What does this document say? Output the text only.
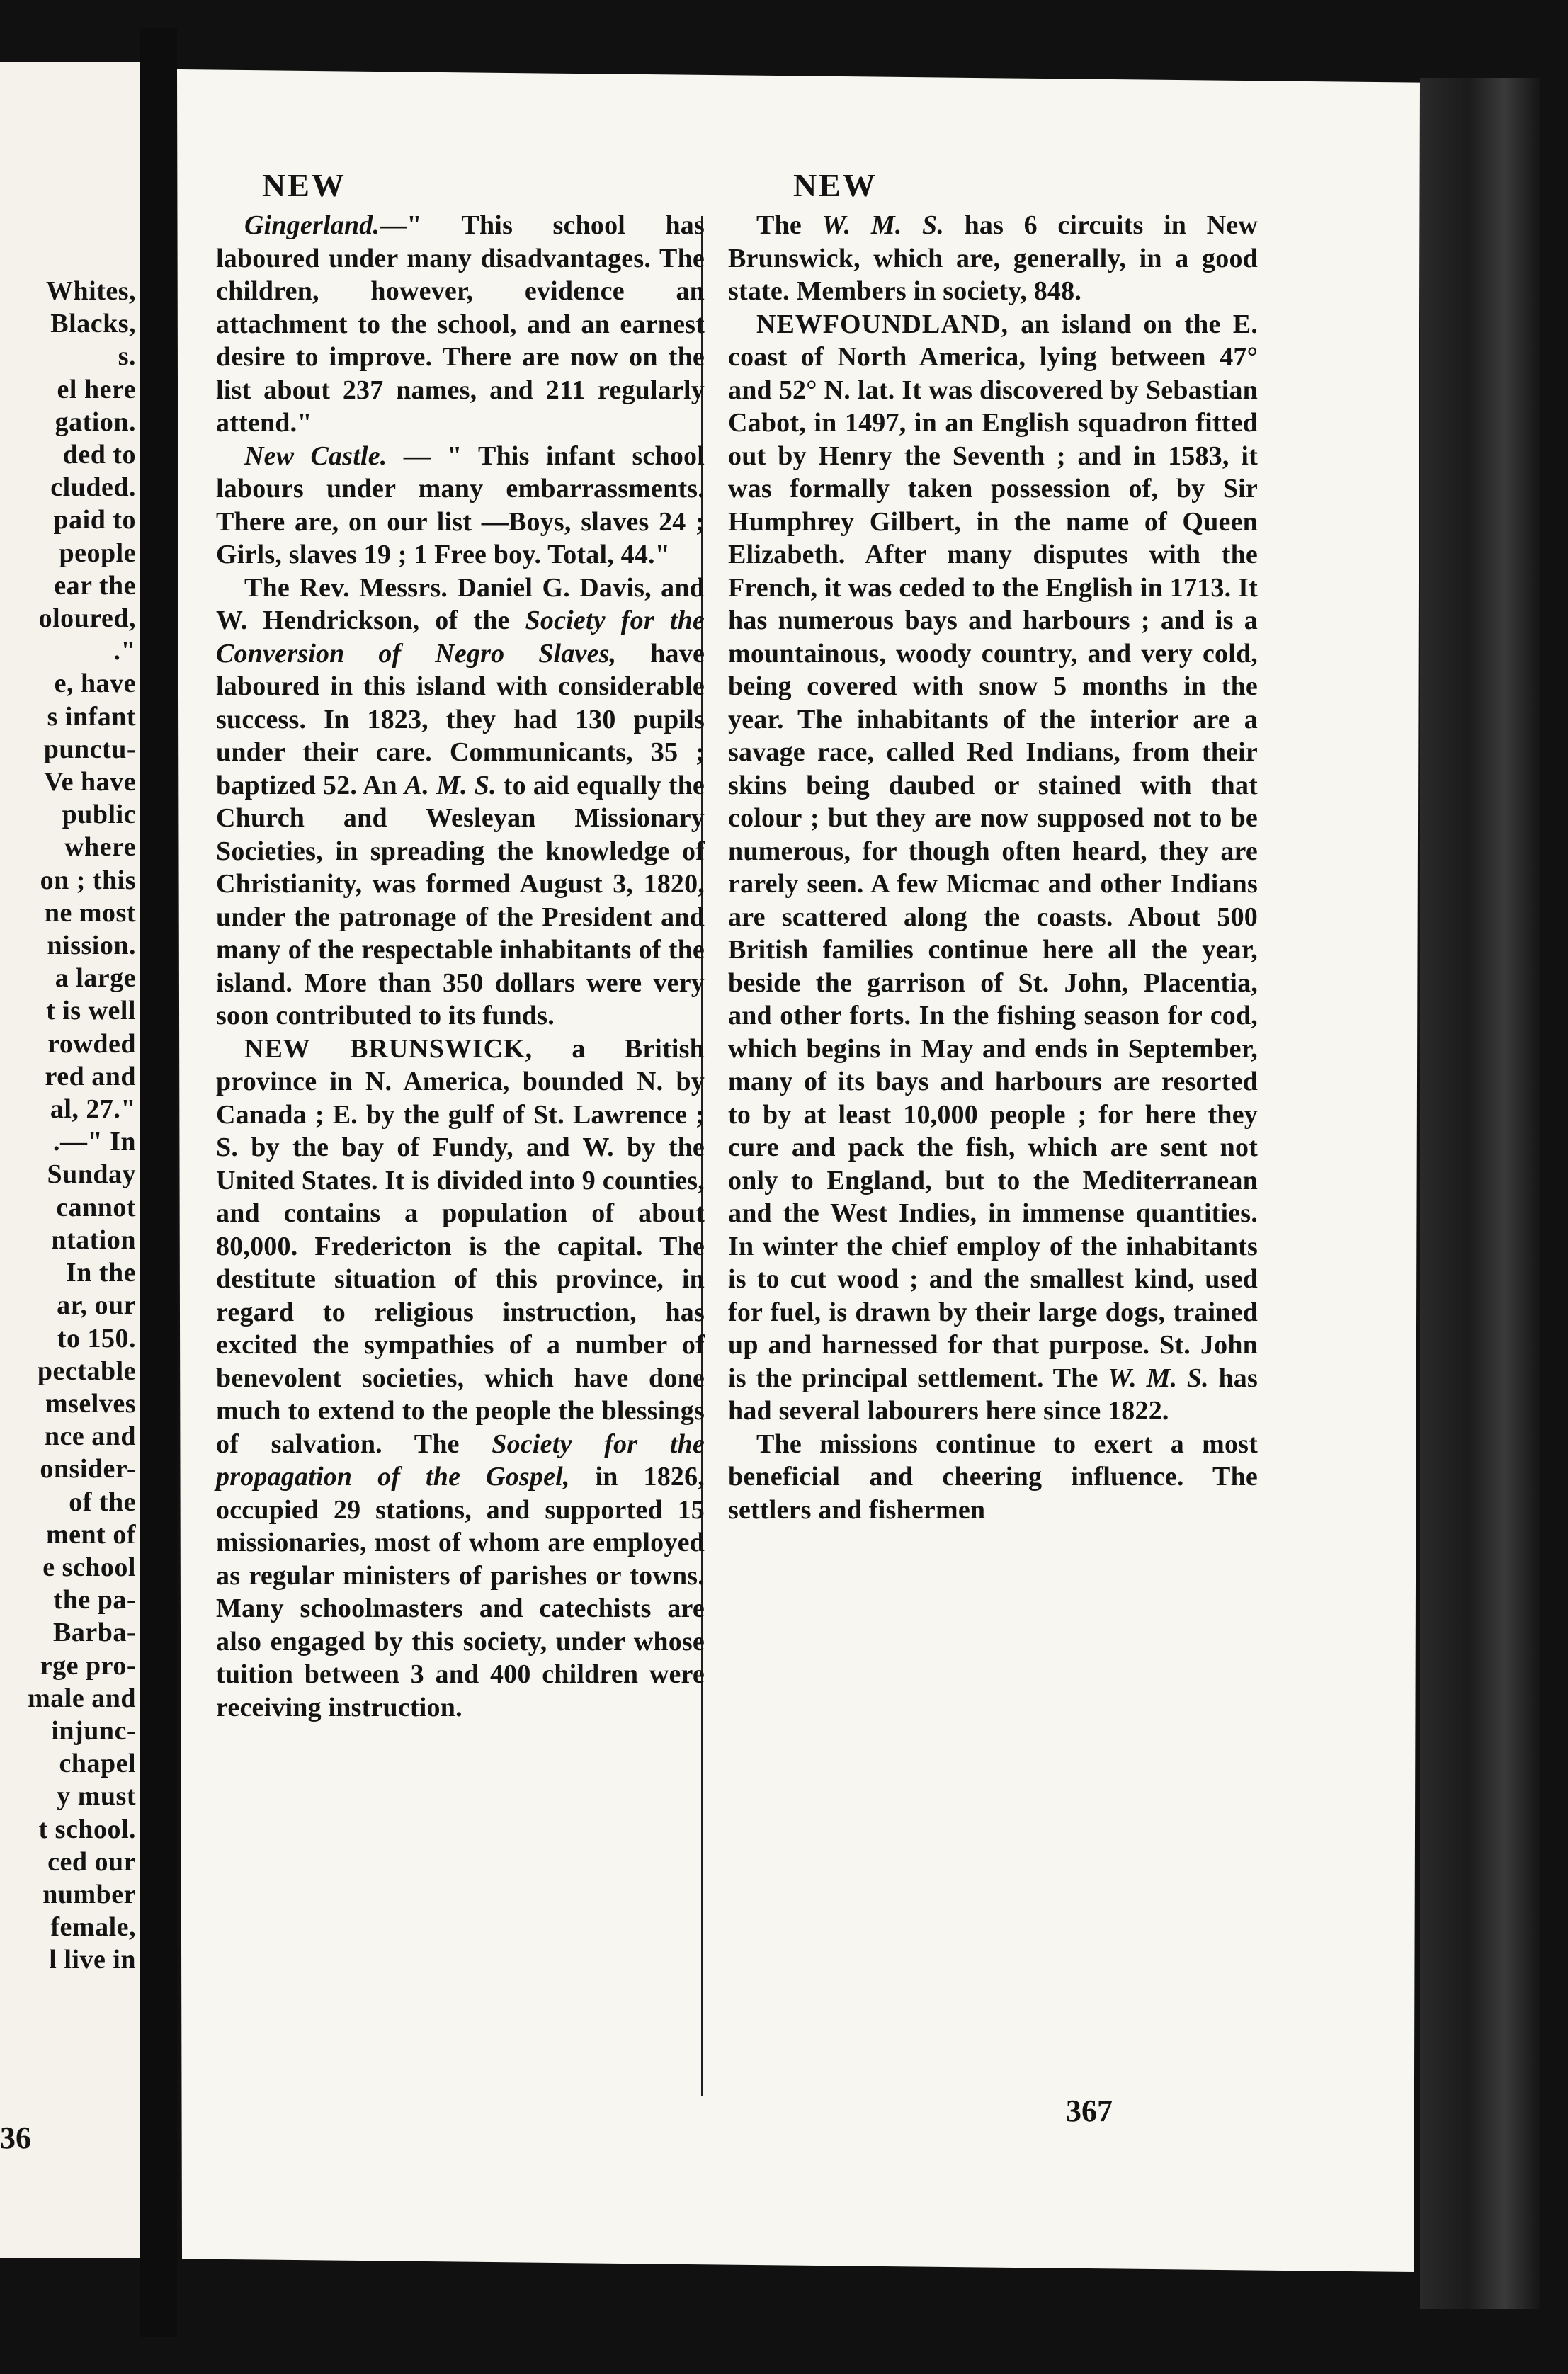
Whites,
Blacks,
s.
el here
gation.
ded to
cluded.
paid to
people
ear the
oloured,
."
e, have
s infant
punctu-
Ve have
public
where
on ; this
ne most
nission.
a large
t is well
rowded
red and
al, 27."
.—" In
Sunday
cannot
ntation
In the
ar, our
to 150.
pectable
mselves
nce and
onsider-
of the
ment of
e school
the pa-
Barba-
rge pro-
male and
injunc-
chapel
y must
t school.
ced our
number
female,
l live in
36
NEW	NEW

Gingerland.—" This school has laboured under many disadvantages. The children, however, evidence an attachment to the school, and an earnest desire to improve. There are now on the list about 237 names, and 211 regularly attend."

New Castle. — " This infant school labours under many embarrassments. There are, on our list —Boys, slaves 24 ; Girls, slaves 19 ; 1 Free boy. Total, 44."

The Rev. Messrs. Daniel G. Davis, and W. Hendrickson, of the Society for the Conversion of Negro Slaves, have laboured in this island with considerable success. In 1823, they had 130 pupils under their care. Communicants, 35 ; baptized 52. An A. M. S. to aid equally the Church and Wesleyan Missionary Societies, in spreading the knowledge of Christianity, was formed August 3, 1820, under the patronage of the President and many of the respectable inhabitants of the island. More than 350 dollars were very soon contributed to its funds.

NEW BRUNSWICK, a British province in N. America, bounded N. by Canada ; E. by the gulf of St. Lawrence ; S. by the bay of Fundy, and W. by the United States. It is divided into 9 counties, and contains a population of about 80,000. Fredericton is the capital. The destitute situation of this province, in regard to religious instruction, has excited the sympathies of a number of benevolent societies, which have done much to extend to the people the blessings of salvation. The Society for the propagation of the Gospel, in 1826, occupied 29 stations, and supported 15 missionaries, most of whom are employed as regular ministers of parishes or towns. Many schoolmasters and catechists are also engaged by this society, under whose tuition between 3 and 400 children were receiving instruction.

The W. M. S. has 6 circuits in New Brunswick, which are, generally, in a good state. Members in society, 848.

NEWFOUNDLAND, an island on the E. coast of North America, lying between 47° and 52° N. lat. It was discovered by Sebastian Cabot, in 1497, in an English squadron fitted out by Henry the Seventh ; and in 1583, it was formally taken possession of, by Sir Humphrey Gilbert, in the name of Queen Elizabeth. After many disputes with the French, it was ceded to the English in 1713. It has numerous bays and harbours ; and is a mountainous, woody country, and very cold, being covered with snow 5 months in the year. The inhabitants of the interior are a savage race, called Red Indians, from their skins being daubed or stained with that colour ; but they are now supposed not to be numerous, for though often heard, they are rarely seen. A few Micmac and other Indians are scattered along the coasts. About 500 British families continue here all the year, beside the garrison of St. John, Placentia, and other forts. In the fishing season for cod, which begins in May and ends in September, many of its bays and harbours are resorted to by at least 10,000 people ; for here they cure and pack the fish, which are sent not only to England, but to the Mediterranean and the West Indies, in immense quantities. In winter the chief employ of the inhabitants is to cut wood ; and the smallest kind, used for fuel, is drawn by their large dogs, trained up and harnessed for that purpose. St. John is the principal settlement. The W. M. S. has had several labourers here since 1822.

The missions continue to exert a most beneficial and cheering influence. The settlers and fishermen

367
